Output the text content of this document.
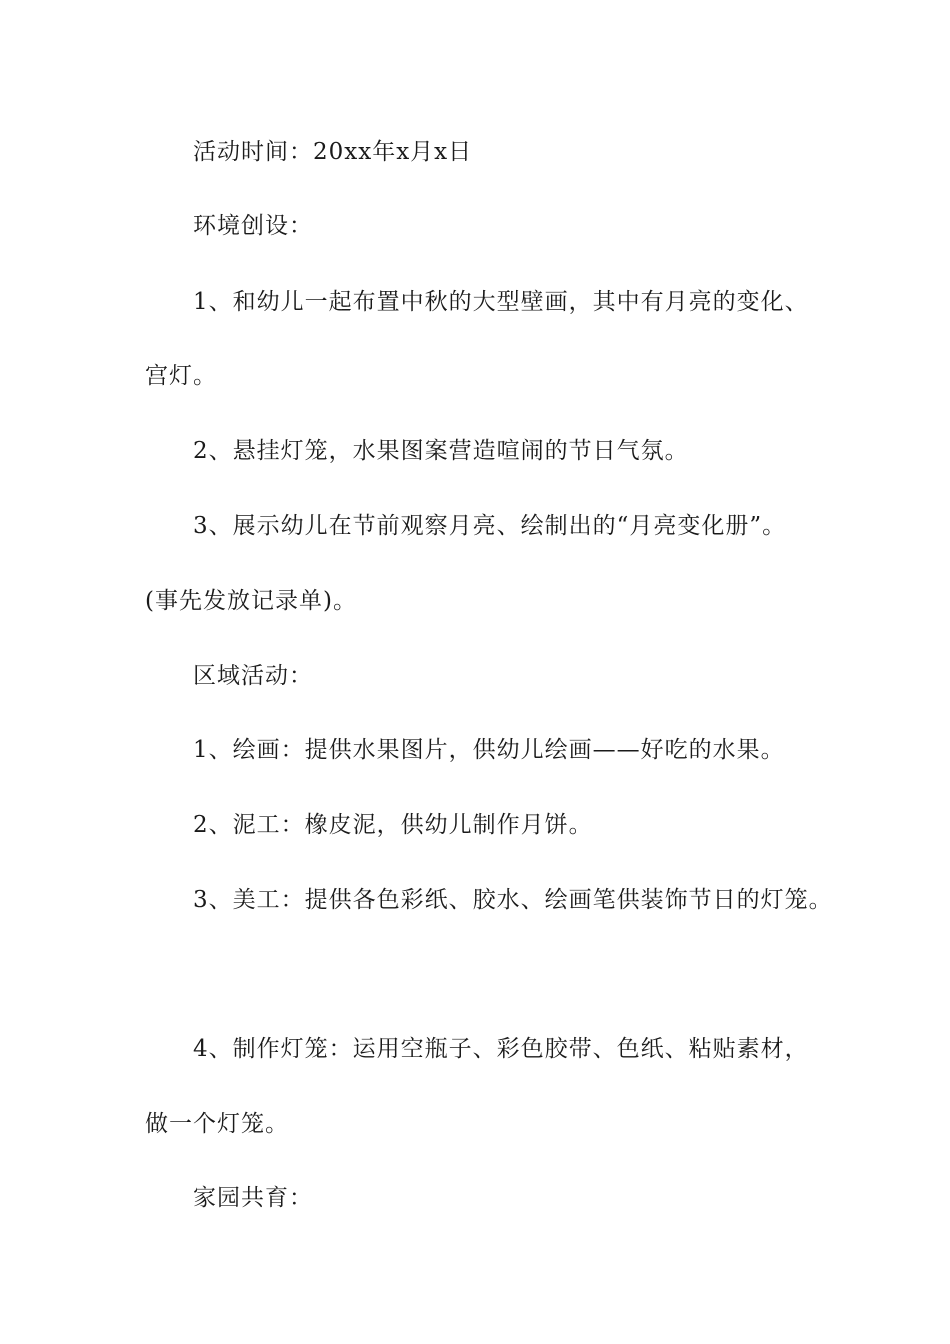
活动时间：20xx年x月x日
环境创设：
1、和幼儿一起布置中秋的大型壁画，其中有月亮的变化、
宫灯。
2、悬挂灯笼，水果图案营造喧闹的节日气氛。
3、展示幼儿在节前观察月亮、绘制出的“月亮变化册”。
(事先发放记录单)。
区域活动：
1、绘画：提供水果图片，供幼儿绘画——好吃的水果。
2、泥工：橡皮泥，供幼儿制作月饼。
3、美工：提供各色彩纸、胶水、绘画笔供装饰节日的灯笼。
4、制作灯笼：运用空瓶子、彩色胶带、色纸、粘贴素材，
做一个灯笼。
家园共育：
